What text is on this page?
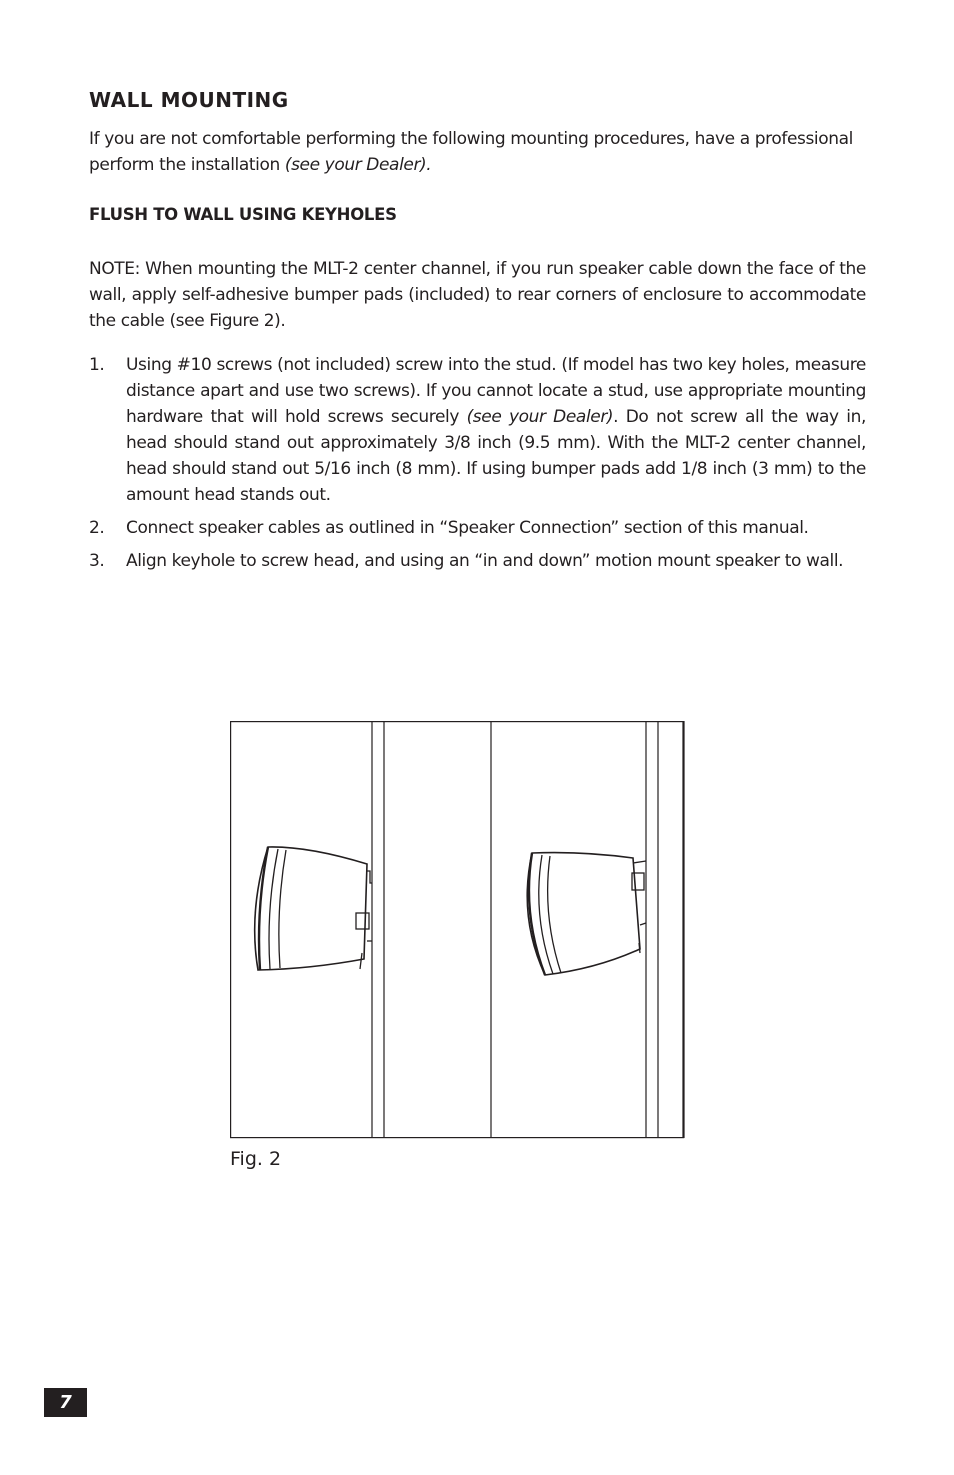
WALL MOUNTING

If you are not comfortable performing the following mounting procedures, have a professional perform the installation (see your Dealer).

FLUSH TO WALL USING KEYHOLES

NOTE: When mounting the MLT-2 center channel, if you run speaker cable down the face of the wall, apply self-adhesive bumper pads (included) to rear corners of enclosure to accommodate the cable (see Figure 2).

1. Using #10 screws (not included) screw into the stud. (If model has two key holes, measure distance apart and use two screws). If you cannot locate a stud, use appropriate mounting hardware that will hold screws securely (see your Dealer). Do not screw all the way in, head should stand out approximately 3/8 inch (9.5 mm). With the MLT-2 center channel, head should stand out 5/16 inch (8 mm). If using bumper pads add 1/8 inch (3 mm) to the amount head stands out.
2. Connect speaker cables as outlined in “Speaker Connection” section of this manual.
3. Align keyhole to screw head, and using an “in and down” motion mount speaker to wall.

Fig. 2

7
